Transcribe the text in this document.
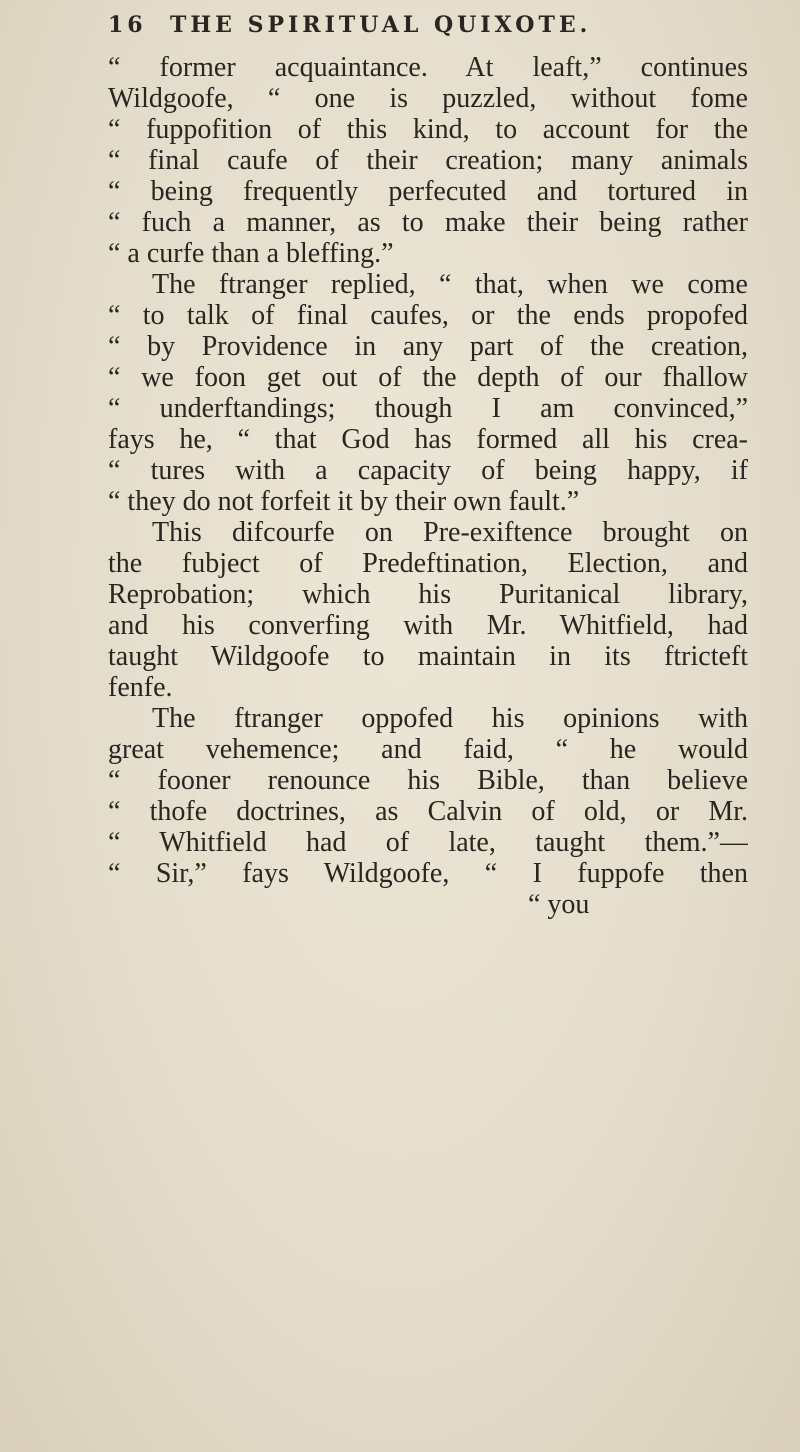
16 THE SPIRITUAL QUIXOTE.
“ former acquaintance. At leaft,” continues
Wildgoofe, “ one is puzzled, without fome
“ fuppofition of this kind, to account for the
“ final caufe of their creation; many animals
“ being frequently perfecuted and tortured in
“ fuch a manner, as to make their being rather
“ a curfe than a bleffing.”
The ftranger replied, “ that, when we come
“ to talk of final caufes, or the ends propofed
“ by Providence in any part of the creation,
“ we foon get out of the depth of our fhallow
“ underftandings; though I am convinced,”
fays he, “ that God has formed all his crea-
“ tures with a capacity of being happy, if
“ they do not forfeit it by their own fault.”
This difcourfe on Pre-exiftence brought on
the fubject of Predeftination, Election, and
Reprobation; which his Puritanical library,
and his converfing with Mr. Whitfield, had
taught Wildgoofe to maintain in its ftricteft
fenfe.
The ftranger oppofed his opinions with
great vehemence; and faid, “ he would
“ fooner renounce his Bible, than believe
“ thofe doctrines, as Calvin of old, or Mr.
“ Whitfield had of late, taught them.”—
“ Sir,” fays Wildgoofe, “ I fuppofe then
“ you
